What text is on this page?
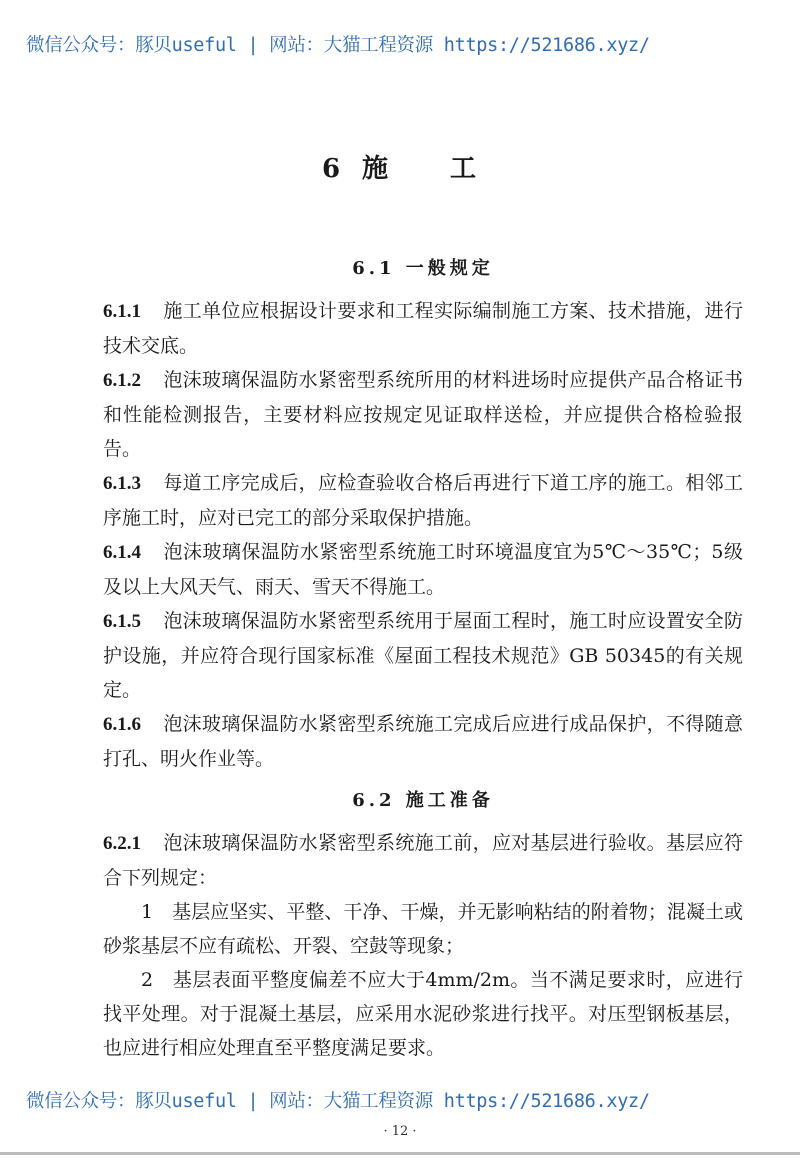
微信公众号：豚贝useful | 网站：大猫工程资源 https://521686.xyz/
6 施 工
6.1 一般规定

6.1.1 施工单位应根据设计要求和工程实际编制施工方案、技术措施，进行技术交底。

6.1.2 泡沫玻璃保温防水紧密型系统所用的材料进场时应提供产品合格证书和性能检测报告，主要材料应按规定见证取样送检，并应提供合格检验报告。

6.1.3 每道工序完成后，应检查验收合格后再进行下道工序的施工。相邻工序施工时，应对已完工的部分采取保护措施。

6.1.4 泡沫玻璃保温防水紧密型系统施工时环境温度宜为5℃～35℃；5级及以上大风天气、雨天、雪天不得施工。

6.1.5 泡沫玻璃保温防水紧密型系统用于屋面工程时，施工时应设置安全防护设施，并应符合现行国家标准《屋面工程技术规范》GB 50345的有关规定。

6.1.6 泡沫玻璃保温防水紧密型系统施工完成后应进行成品保护，不得随意打孔、明火作业等。

6.2 施工准备

6.2.1 泡沫玻璃保温防水紧密型系统施工前，应对基层进行验收。基层应符合下列规定：

1　基层应坚实、平整、干净、干燥，并无影响粘结的附着物；混凝土或砂浆基层不应有疏松、开裂、空鼓等现象；

2　基层表面平整度偏差不应大于4mm/2m。当不满足要求时，应进行找平处理。对于混凝土基层，应采用水泥砂浆进行找平。对压型钢板基层，也应进行相应处理直至平整度满足要求。

微信公众号：豚贝useful | 网站：大猫工程资源 https://521686.xyz/
· 12 ·
